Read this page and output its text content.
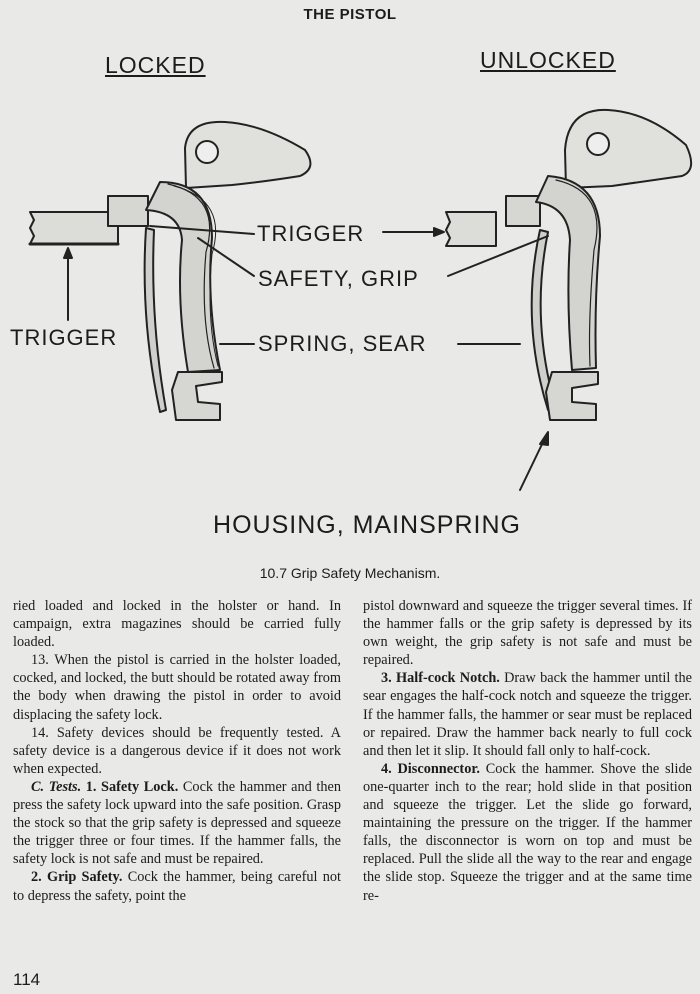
THE PISTOL
LOCKED	UNLOCKED
TRIGGER
SAFETY, GRIP
SPRING, SEAR
TRIGGER
HOUSING, MAINSPRING
10.7 Grip Safety Mechanism.

ried loaded and locked in the holster or hand. In campaign, extra magazines should be carried fully loaded.

13. When the pistol is carried in the holster loaded, cocked, and locked, the butt should be rotated away from the body when drawing the pistol in order to avoid displacing the safety lock.

14. Safety devices should be frequently tested. A safety device is a dangerous device if it does not work when expected.

C. Tests. 1. Safety Lock. Cock the hammer and then press the safety lock upward into the safe position. Grasp the stock so that the grip safety is depressed and squeeze the trigger three or four times. If the hammer falls, the safety lock is not safe and must be repaired.

2. Grip Safety. Cock the hammer, being careful not to depress the safety, point the

pistol downward and squeeze the trigger several times. If the hammer falls or the grip safety is depressed by its own weight, the grip safety is not safe and must be repaired.

3. Half-cock Notch. Draw back the hammer until the sear engages the half-cock notch and squeeze the trigger. If the hammer falls, the hammer or sear must be replaced or repaired. Draw the hammer back nearly to full cock and then let it slip. It should fall only to half-cock.

4. Disconnector. Cock the hammer. Shove the slide one-quarter inch to the rear; hold slide in that position and squeeze the trigger. Let the slide go forward, maintaining the pressure on the trigger. If the hammer falls, the disconnector is worn on top and must be replaced. Pull the slide all the way to the rear and engage the slide stop. Squeeze the trigger and at the same time re-

114
